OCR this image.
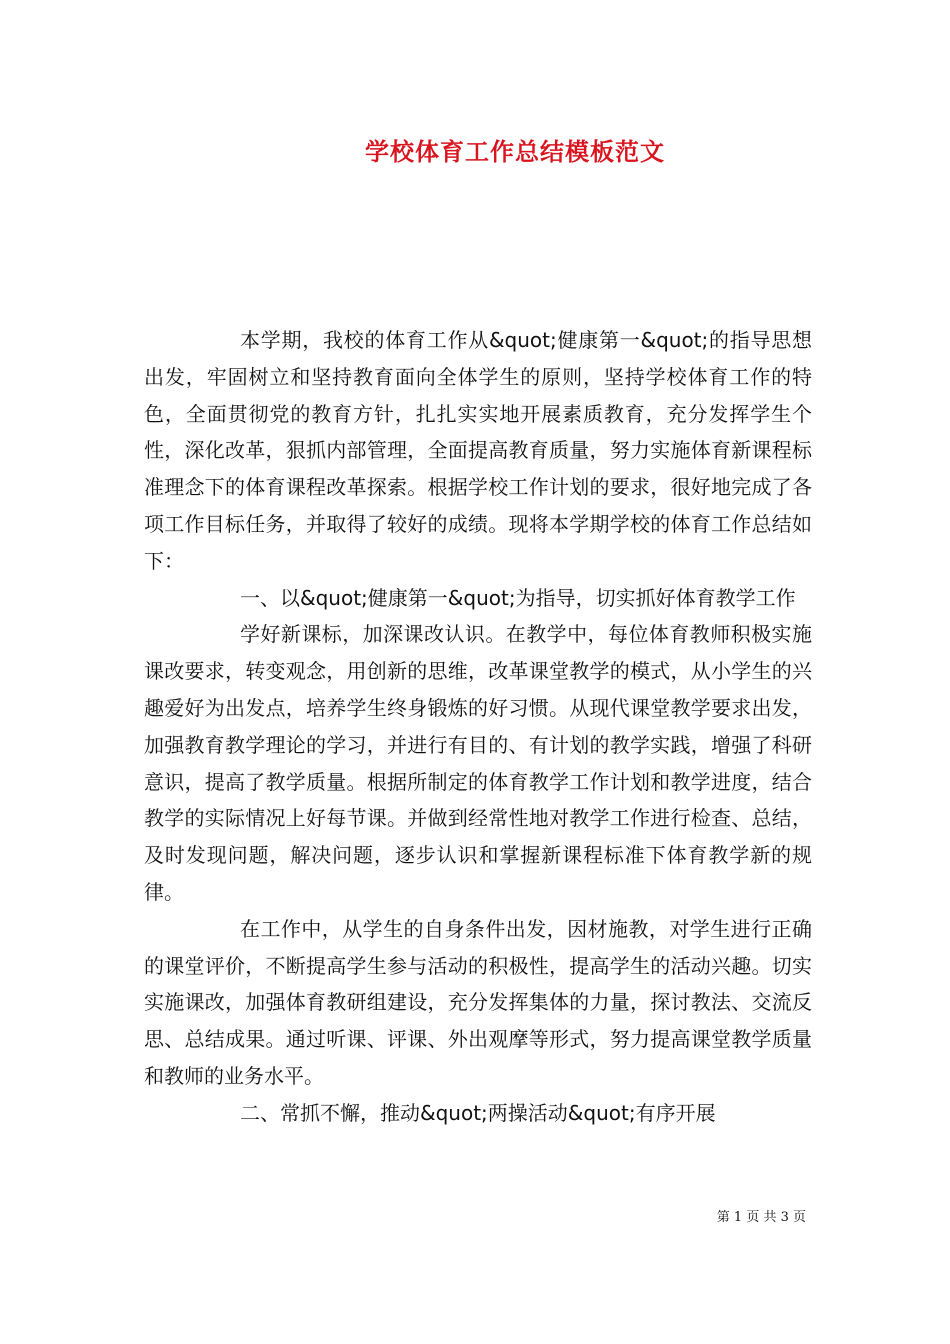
学校体育工作总结模板范文

本学期，我校的体育工作从&quot;健康第一&quot;的指导思想出发，牢固树立和坚持教育面向全体学生的原则，坚持学校体育工作的特色，全面贯彻党的教育方针，扎扎实实地开展素质教育，充分发挥学生个性，深化改革，狠抓内部管理，全面提高教育质量，努力实施体育新课程标准理念下的体育课程改革探索。根据学校工作计划的要求，很好地完成了各项工作目标任务，并取得了较好的成绩。现将本学期学校的体育工作总结如下：

一、以&quot;健康第一&quot;为指导，切实抓好体育教学工作

学好新课标，加深课改认识。在教学中，每位体育教师积极实施课改要求，转变观念，用创新的思维，改革课堂教学的模式，从小学生的兴趣爱好为出发点，培养学生终身锻炼的好习惯。从现代课堂教学要求出发，加强教育教学理论的学习，并进行有目的、有计划的教学实践，增强了科研意识，提高了教学质量。根据所制定的体育教学工作计划和教学进度，结合教学的实际情况上好每节课。并做到经常性地对教学工作进行检查、总结，及时发现问题，解决问题，逐步认识和掌握新课程标准下体育教学新的规律。

在工作中，从学生的自身条件出发，因材施教，对学生进行正确的课堂评价，不断提高学生参与活动的积极性，提高学生的活动兴趣。切实实施课改，加强体育教研组建设，充分发挥集体的力量，探讨教法、交流反思、总结成果。通过听课、评课、外出观摩等形式，努力提高课堂教学质量和教师的业务水平。

二、常抓不懈，推动&quot;两操活动&quot;有序开展

第 1 页 共 3 页
